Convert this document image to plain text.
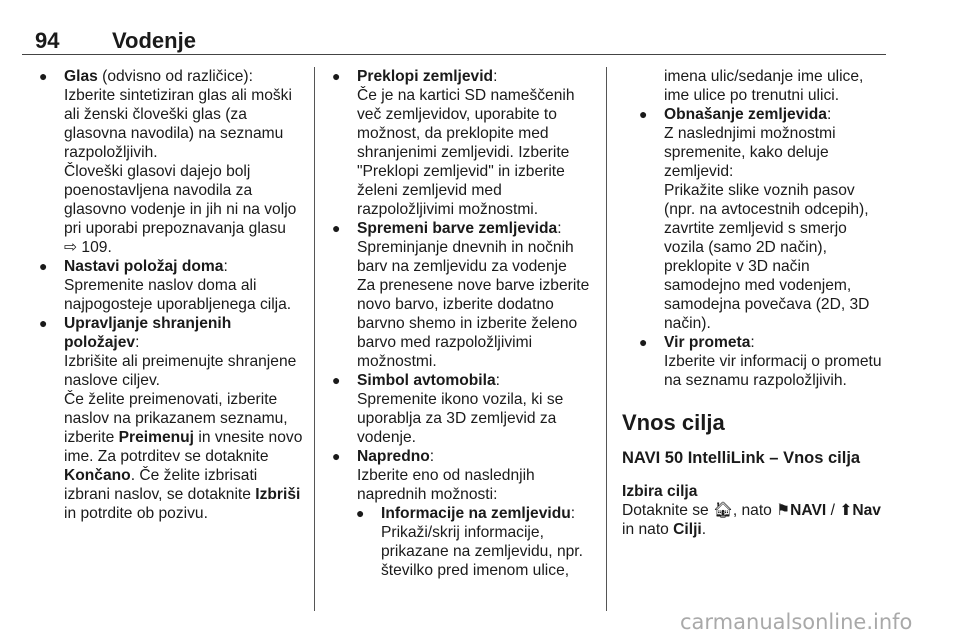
94 Vodenje

● Glas (odvisno od različice):

Izberite sintetiziran glas ali moški ali ženski človeški glas (za glasovna navodila) na seznamu razpoložljivih.

Človeški glasovi dajejo bolj poenostavljena navodila za glasovno vodenje in jih ni na voljo pri uporabi prepoznavanja glasu
⇨ 109.

● Nastavi položaj doma:

Spremenite naslov doma ali najpogosteje uporabljenega cilja.

● Upravljanje shranjenih položajev:

Izbrišite ali preimenujte shranjene naslove ciljev.

Če želite preimenovati, izberite naslov na prikazanem seznamu, izberite Preimenuj in vnesite novo ime. Za potrditev se dotaknite Končano. Če želite izbrisati izbrani naslov, se dotaknite Izbriši in potrdite ob pozivu.

● Preklopi zemljevid:

Če je na kartici SD nameščenih več zemljevidov, uporabite to možnost, da preklopite med shranjenimi zemljevidi. Izberite "Preklopi zemljevid" in izberite želeni zemljevid med razpoložljivimi možnostmi.

● Spremeni barve zemljevida:

Spreminjanje dnevnih in nočnih barv na zemljevidu za vodenje

Za prenesene nove barve izberite novo barvo, izberite dodatno barvno shemo in izberite želeno barvo med razpoložljivimi možnostmi.

● Simbol avtomobila:

Spremenite ikono vozila, ki se uporablja za 3D zemljevid za vodenje.

● Napredno:

Izberite eno od naslednjih naprednih možnosti:

● Informacije na zemljevidu:

Prikaži/skrij informacije, prikazane na zemljevidu, npr. številko pred imenom ulice,

imena ulic/sedanje ime ulice, ime ulice po trenutni ulici.

● Obnašanje zemljevida:

Z naslednjimi možnostmi spremenite, kako deluje zemljevid:

Prikažite slike voznih pasov (npr. na avtocestnih odcepih), zavrtite zemljevid s smerjo vozila (samo 2D način), preklopite v 3D način samodejno med vodenjem, samodejna povečava (2D, 3D način).

● Vir prometa:

Izberite vir informacij o prometu na seznamu razpoložljivih.

Vnos cilja
NAVI 50 IntelliLink – Vnos cilja
Izbira cilja

Dotaknite se 🏠︎, nato ⚑NAVI / ⬆Nav
in nato Cilji.

carmanualsonline.info
